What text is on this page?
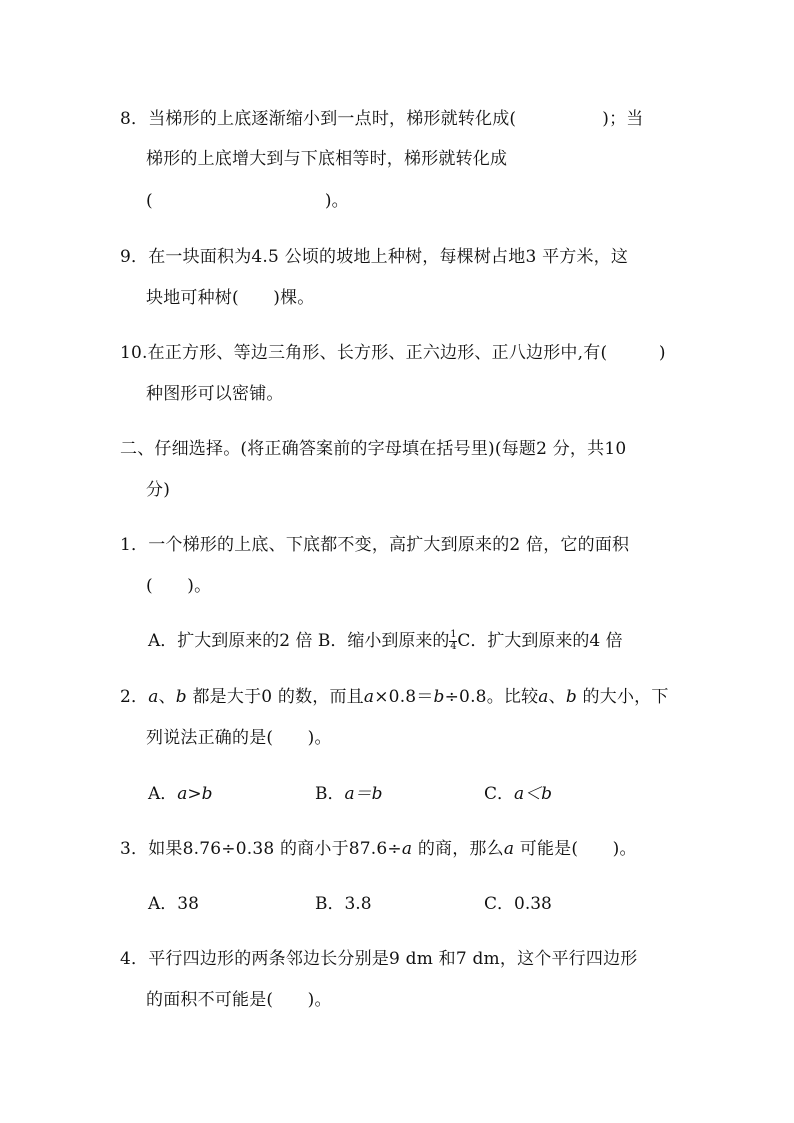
8．当梯形的上底逐渐缩小到一点时，梯形就转化成(　　　　　)；当
梯形的上底增大到与下底相等时，梯形就转化成
(　　　　　　　　　　)。
9．在一块面积为4.5 公顷的坡地上种树，每棵树占地3 平方米，这
块地可种树(　　)棵。
10.在正方形、等边三角形、长方形、正六边形、正八边形中,有(　　　)
种图形可以密铺。
二、仔细选择。(将正确答案前的字母填在括号里)(每题2 分，共10
分)
1．一个梯形的上底、下底都不变，高扩大到原来的2 倍，它的面积
(　　)。
A．扩大到原来的2 倍 B．缩小到原来的 $\frac{1}{4}$ C．扩大到原来的4 倍
2．a、b 都是大于0 的数，而且a×0.8＝b÷0.8。比较a、b 的大小，下
列说法正确的是(　　)。
A．a>b	B．a＝b	C．a＜b
3．如果8.76÷0.38 的商小于87.6÷a 的商，那么a 可能是(　　)。
A．38	B．3.8	C．0.38
4．平行四边形的两条邻边长分别是9 dm 和7 dm，这个平行四边形
的面积不可能是(　　)。
